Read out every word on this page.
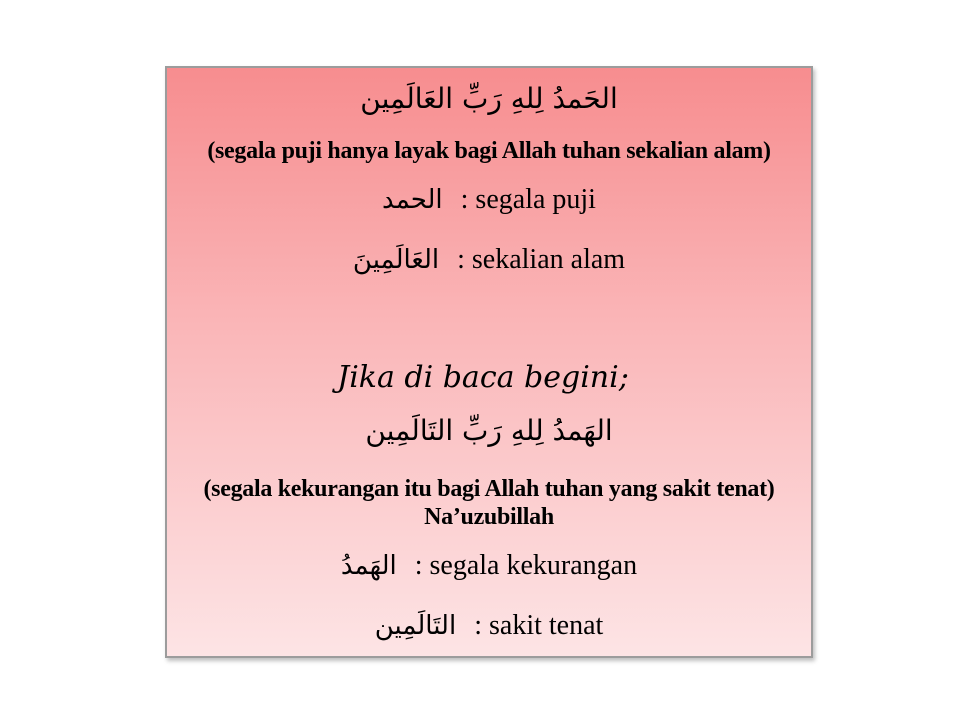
الحَمدُ لِلهِ رَبِّ العَالَمِين
(segala puji hanya layak bagi Allah tuhan sekalian alam)
الحمد : segala puji
العَالَمِينَ : sekalian alam
Jika di baca begini;
الهَمدُ لِلهِ رَبِّ التَالَمِين
(segala kekurangan itu bagi Allah tuhan yang sakit tenat)
Na’uzubillah
الهَمدُ : segala kekurangan
التَالَمِين : sakit tenat
